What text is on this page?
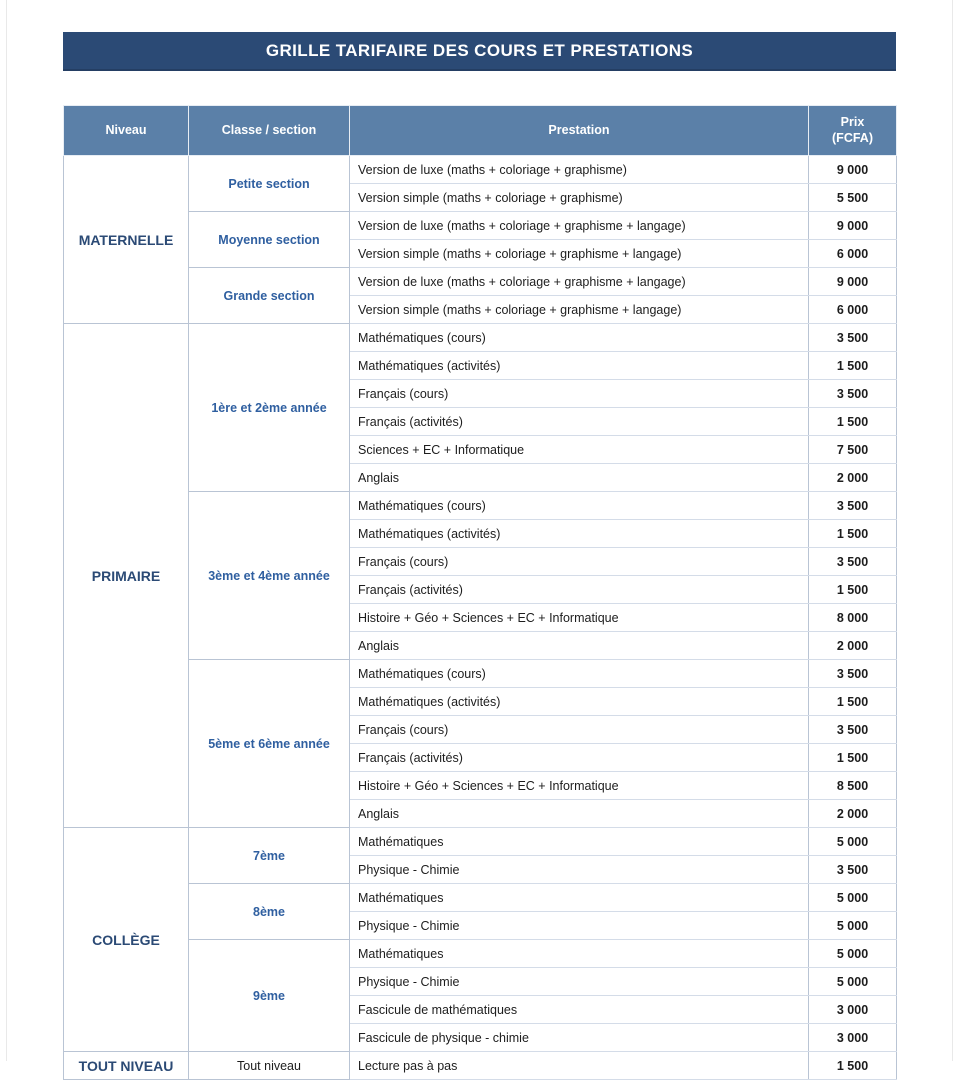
GRILLE TARIFAIRE DES COURS ET PRESTATIONS
Niveau	Classe / section	Prestation	Prix
(FCFA)
MATERNELLE	Petite section	Version de luxe (maths + coloriage + graphisme)	9 000
		Version simple (maths + coloriage + graphisme)	5 500
	Moyenne section	Version de luxe (maths + coloriage + graphisme + langage)	9 000
		Version simple (maths + coloriage + graphisme + langage)	6 000
	Grande section	Version de luxe (maths + coloriage + graphisme + langage)	9 000
		Version simple (maths + coloriage + graphisme + langage)	6 000
PRIMAIRE	1ère et 2ème année	Mathématiques (cours)	3 500
		Mathématiques (activités)	1 500
		Français (cours)	3 500
		Français (activités)	1 500
		Sciences + EC + Informatique	7 500
		Anglais	2 000
	3ème et 4ème année	Mathématiques (cours)	3 500
		Mathématiques (activités)	1 500
		Français (cours)	3 500
		Français (activités)	1 500
		Histoire + Géo + Sciences + EC + Informatique	8 000
		Anglais	2 000
	5ème et 6ème année	Mathématiques (cours)	3 500
		Mathématiques (activités)	1 500
		Français (cours)	3 500
		Français (activités)	1 500
		Histoire + Géo + Sciences + EC + Informatique	8 500
		Anglais	2 000
COLLÈGE	7ème	Mathématiques	5 000
		Physique - Chimie	3 500
	8ème	Mathématiques	5 000
		Physique - Chimie	5 000
	9ème	Mathématiques	5 000
		Physique - Chimie	5 000
		Fascicule de mathématiques	3 000
		Fascicule de physique - chimie	3 000
TOUT NIVEAU	Tout niveau	Lecture pas à pas	1 500
